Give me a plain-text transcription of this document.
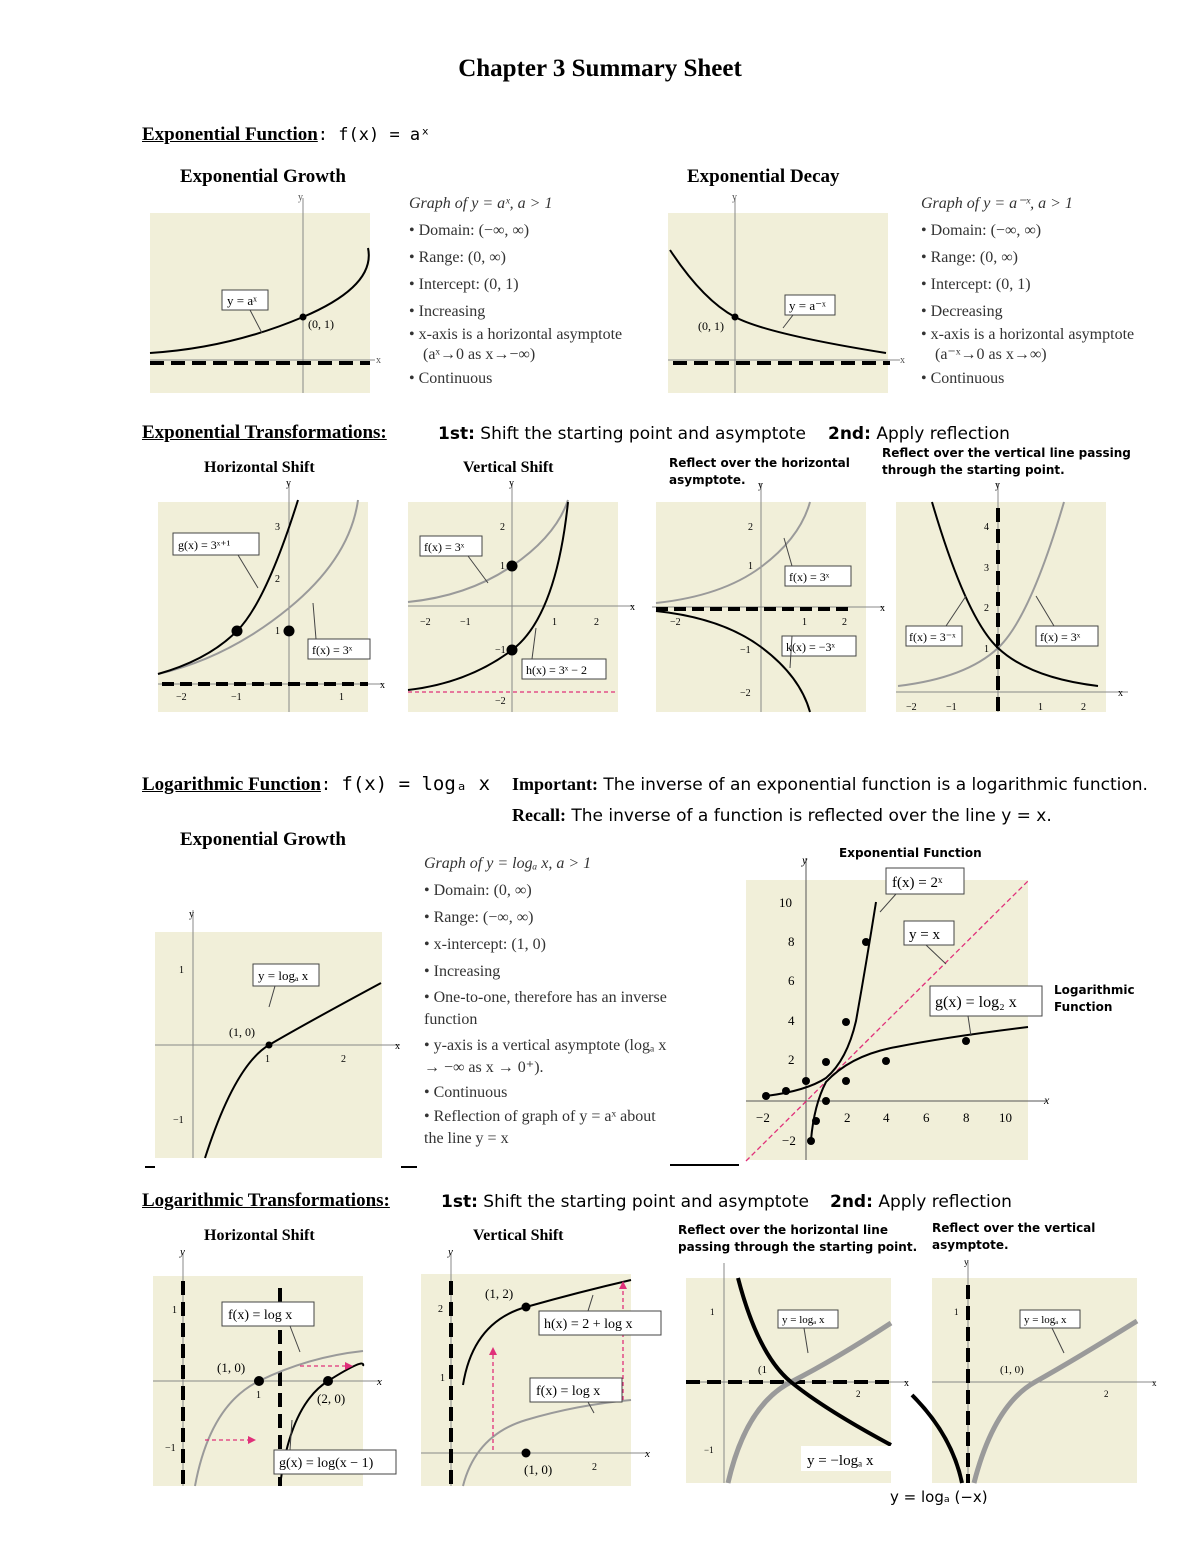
Chapter 3 Summary Sheet
Exponential Function: f(x) = aˣ
Exponential Growth	Exponential Decay
y
x
y = aˣ
(0, 1)
Graph of y = aˣ, a > 1
• Domain: (−∞, ∞)
• Range: (0, ∞)
• Intercept: (0, 1)
• Increasing
• x-axis is a horizontal asymptote
(aˣ→0 as x→−∞)
• Continuous
y
x
y = a⁻ˣ
(0, 1)
Graph of y = a⁻ˣ, a > 1
• Domain: (−∞, ∞)
• Range: (0, ∞)
• Intercept: (0, 1)
• Decreasing
• x-axis is a horizontal asymptote
(a⁻ˣ→0 as x→∞)
• Continuous
Exponential Transformations:	1st: Shift the starting point and asymptote 2nd: Apply reflection
Horizontal Shift	Vertical Shift	Reflect over the horizontal asymptote.
Reflect over the vertical line passing through the starting point.
y
x
3
2
1
−2	−1	1
g(x) = 3ˣ⁺¹
f(x) = 3ˣ
y
x
2
1
−1
−2
−2	−1	1	2
f(x) = 3ˣ
h(x) = 3ˣ − 2
y
x
2
1
−1
−2
−2	1	2
f(x) = 3ˣ
k(x) = −3ˣ
y
x
4
3
2
1
−2	−1	1	2
f(x) = 3⁻ˣ	f(x) = 3ˣ
Logarithmic Function: f(x) = logₐ x Important: The inverse of an exponential function is a logarithmic function.
Recall: The inverse of a function is reflected over the line y = x.
Exponential Growth
y
x
1
−1
1	2
y = logₐ x
(1, 0)
Graph of y = logₐ x, a > 1
• Domain: (0, ∞)
• Range: (−∞, ∞)
• x-intercept: (1, 0)
• Increasing
• One-to-one, therefore has an inverse function
• y-axis is a vertical asymptote (logₐ x → −∞ as x → 0⁺).
• Continuous
• Reflection of graph of y = aˣ about the line y = x
Exponential Function
Logarithmic Function
y
x
10
8
6
4
2
−2
−2	2	4	6	8 10
f(x) = 2ˣ
y = x
g(x) = log₂ x
Logarithmic Transformations:	1st: Shift the starting point and asymptote 2nd: Apply reflection
Horizontal Shift	Vertical Shift	Reflect over the horizontal line passing through the starting point.
Reflect over the vertical asymptote.
y
x
1
−1
1
(1, 0)
(2, 0)
f(x) = log x
g(x) = log(x − 1)
y
x
2
1
2
(1, 2)
(1, 0)
h(x) = 2 + log x
f(x) = log x
1
−1
2
x
(1
y = logₐ x
y = −logₐ x
y
x
1
2
(1, 0)
y = logₐ x
y = logₐ (−x)
